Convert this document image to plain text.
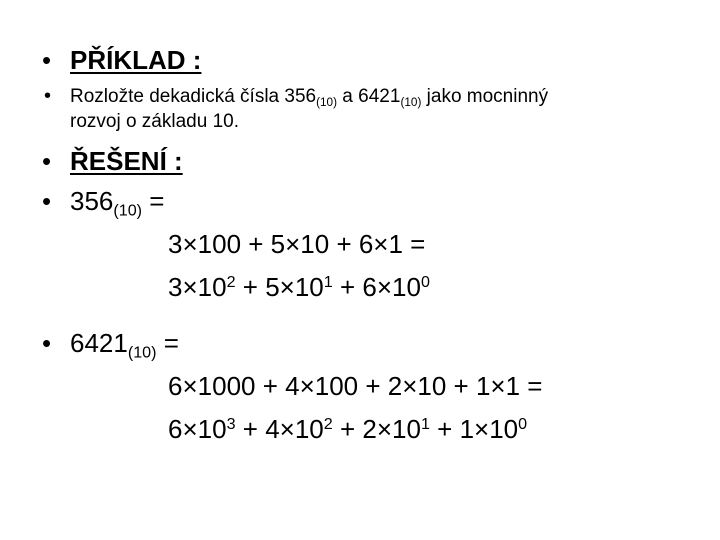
• PŘÍKLAD :
• Rozložte dekadická čísla $356_{(10)}$ a $6421_{(10)}$ jako mocninný
rozvoj o základu 10.
• ŘEŠENÍ :
• $356_{(10)}$ =
3×100 + 5×10 + 6×1 =
$3\times 10^2 + 5\times 10^1 + 6\times 10^0$
• $6421_{(10)}$ =
6×1000 + 4×100 + 2×10 + 1×1 =
$6\times 10^3 + 4\times 10^2 + 2\times 10^1 + 1\times 10^0$
